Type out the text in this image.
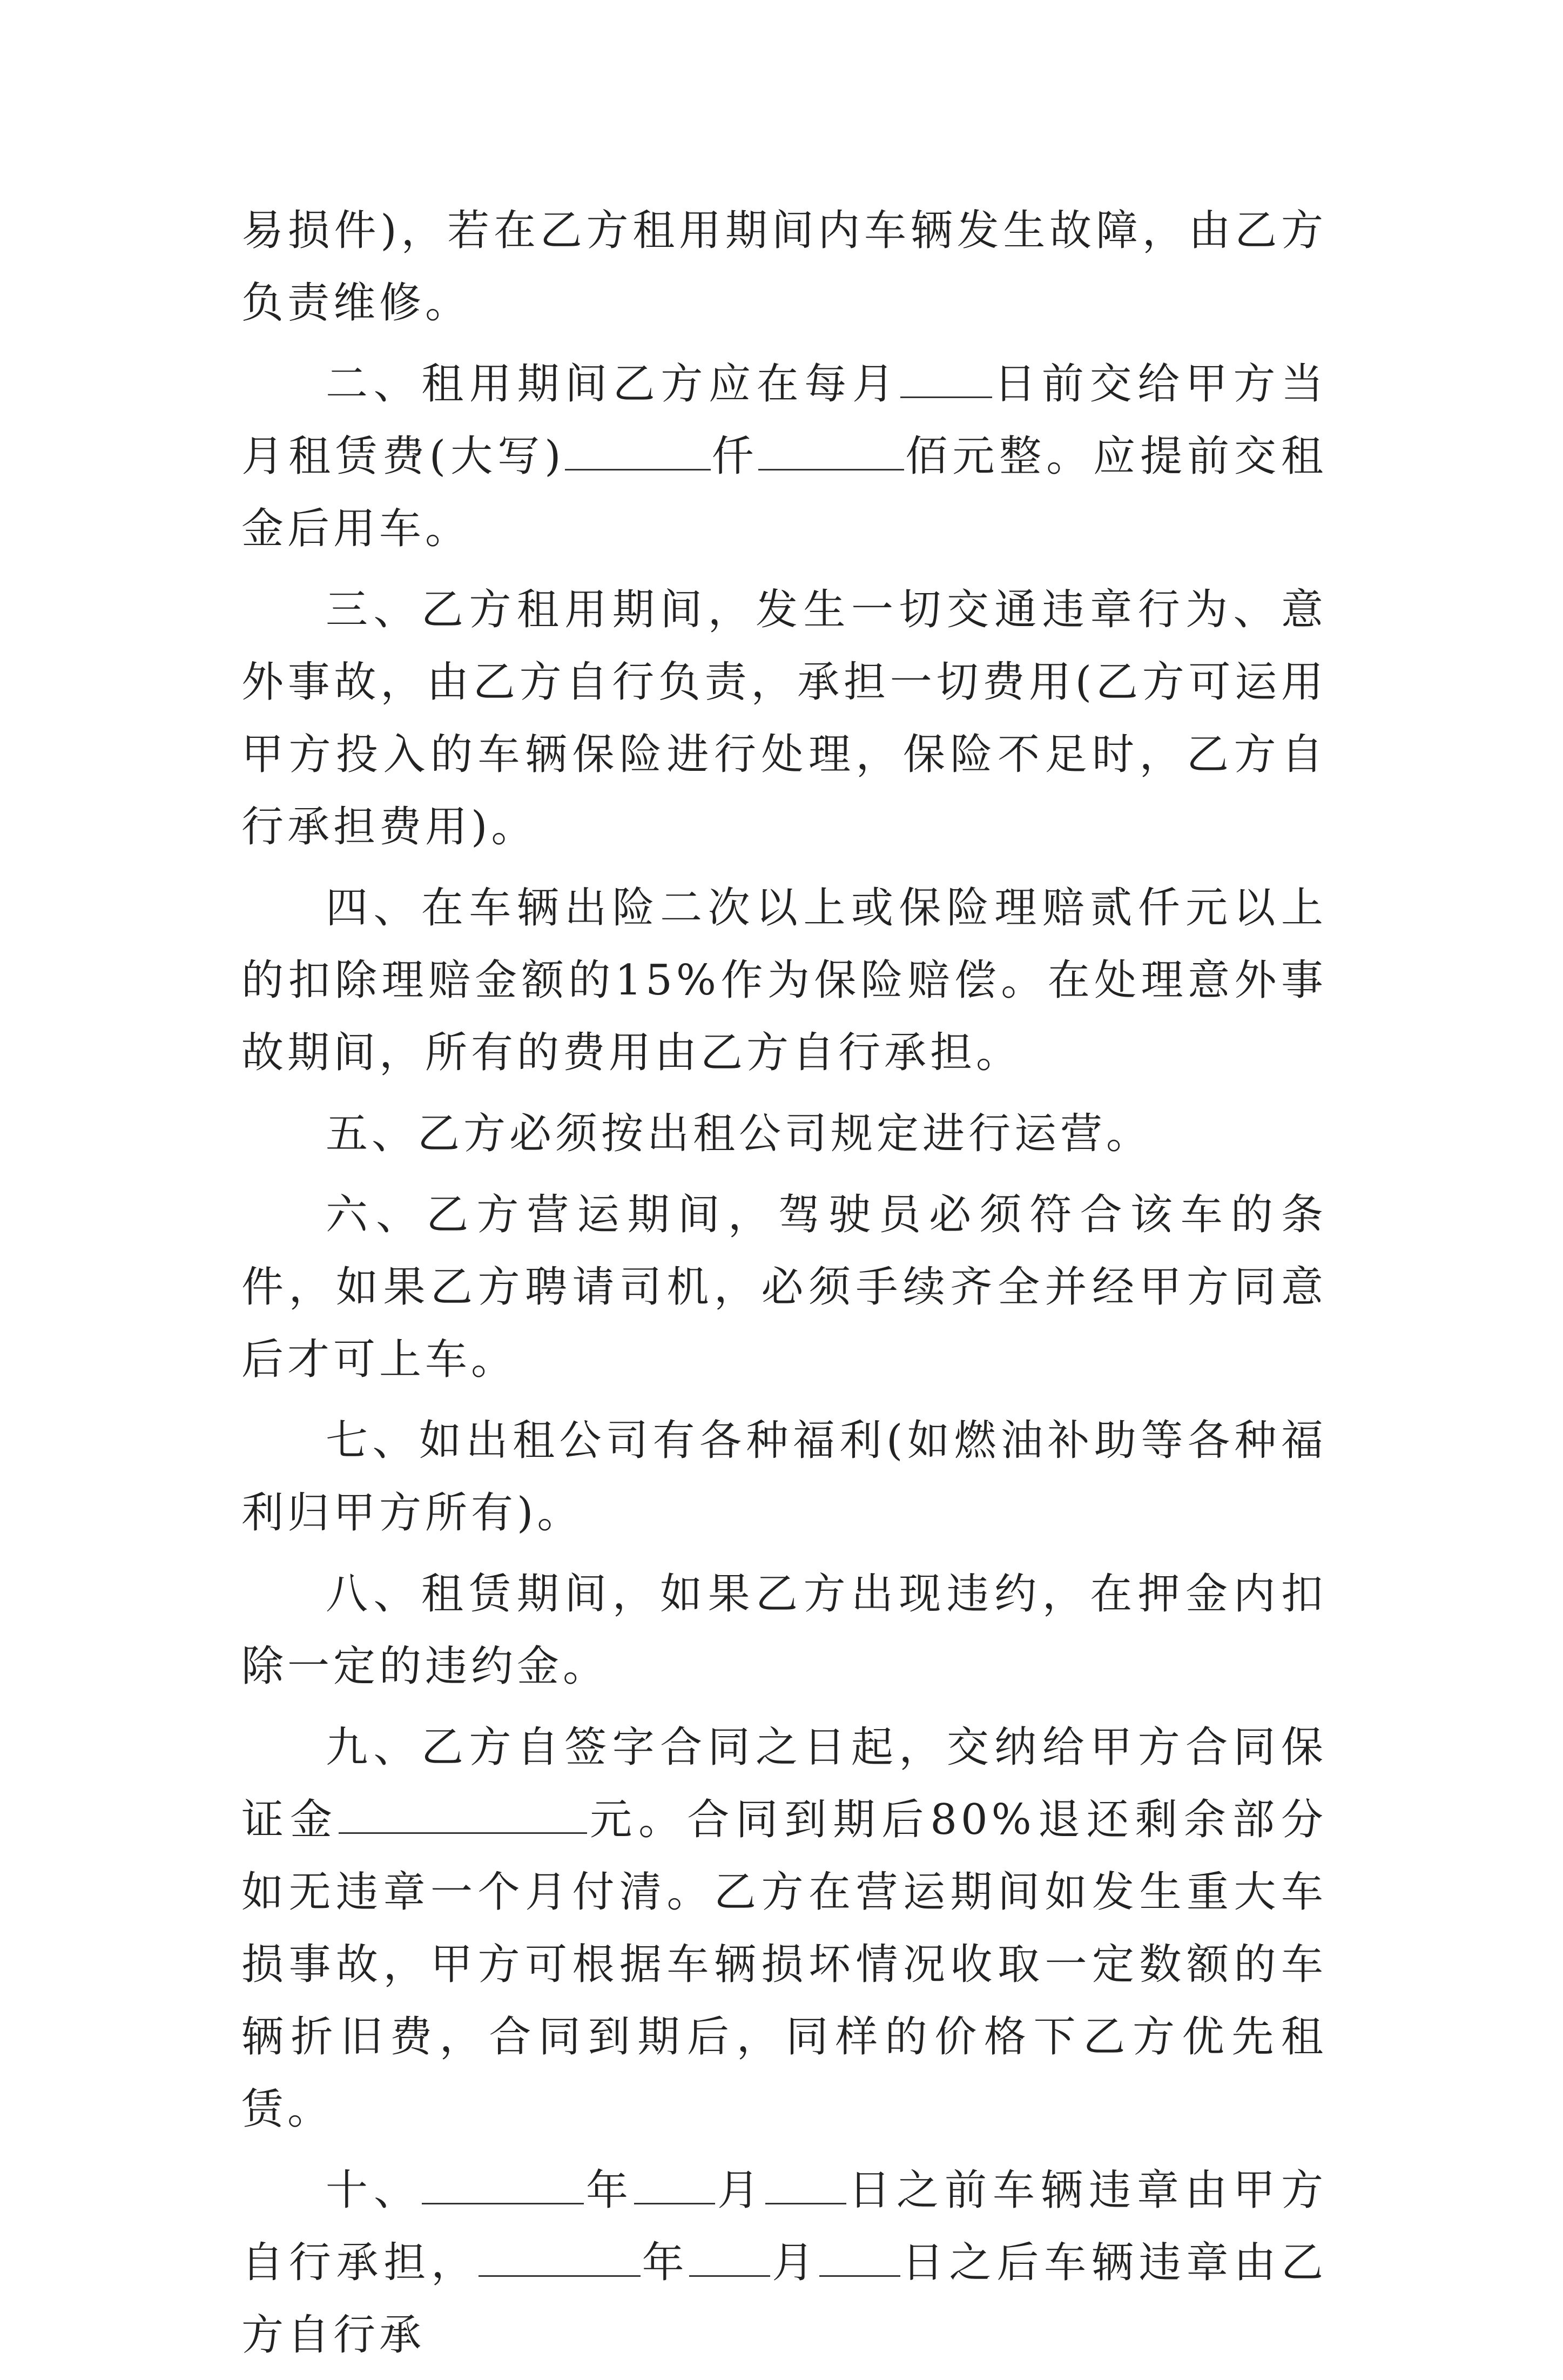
易损件)，若在乙方租用期间内车辆发生故障，由乙方负责维修。

二、租用期间乙方应在每月 日前交给甲方当月租赁费(大写)	仟	佰元整。应提前交租金后用车。

三、乙方租用期间，发生一切交通违章行为、意外事故，由乙方自行负责，承担一切费用(乙方可运用甲方投入的车辆保险进行处理，保险不足时，乙方自行承担费用)。

四、在车辆出险二次以上或保险理赔贰仟元以上的扣除理赔金额的15%作为保险赔偿。在处理意外事故期间，所有的费用由乙方自行承担。

五、乙方必须按出租公司规定进行运营。

六、乙方营运期间，驾驶员必须符合该车的条件，如果乙方聘请司机，必须手续齐全并经甲方同意后才可上车。

七、如出租公司有各种福利(如燃油补助等各种福利归甲方所有)。

八、租赁期间，如果乙方出现违约，在押金内扣除一定的违约金。

九、乙方自签字合同之日起，交纳给甲方合同保证金	元。合同到期后80%退还剩余部分如无违章一个月付清。乙方在营运期间如发生重大车损事故，甲方可根据车辆损坏情况收取一定数额的车辆折旧费，合同到期后，同样的价格下乙方优先租赁。

十、	年 月 日之前车辆违章由甲方自行承担，	年 月 日之后车辆违章由乙方自行承
